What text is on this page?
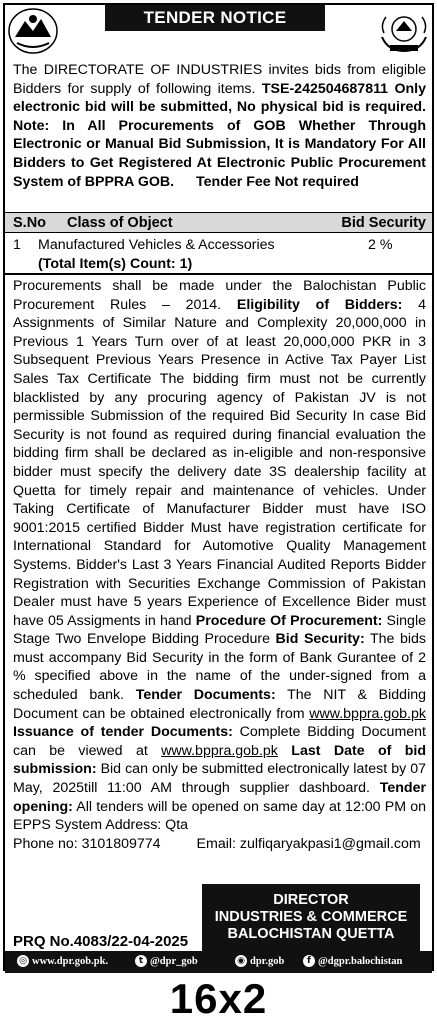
TENDER NOTICE
The DIRECTORATE OF INDUSTRIES invites bids from eligible Bidders for supply of following items. TSE-242504687811 Only electronic bid will be submitted, No physical bid is required. Note: In All Procurements of GOB Whether Through Electronic or Manual Bid Submission, It is Mandatory For All Bidders to Get Registered At Electronic Public Procurement System of BPPRA GOB. Tender Fee Not required
S.No Class of Object	Bid Security
1 Manufactured Vehicles & Accessories	2 %
(Total Item(s) Count: 1)
Procurements shall be made under the Balochistan Public Procurement Rules – 2014. Eligibility of Bidders: 4 Assignments of Similar Nature and Complexity 20,000,000 in Previous 1 Years Turn over of at least 20,000,000 PKR in 3 Subsequent Previous Years Presence in Active Tax Payer List Sales Tax Certificate The bidding firm must not be currently blacklisted by any procuring agency of Pakistan JV is not permissible Submission of the required Bid Security In case Bid Security is not found as required during financial evaluation the bidding firm shall be declared as in-eligible and non-responsive bidder must specify the delivery date 3S dealership facility at Quetta for timely repair and maintenance of vehicles. Under Taking Certificate of Manufacturer Bidder must have ISO 9001:2015 certified Bidder Must have registration certificate for International Standard for Automotive Quality Management Systems. Bidder's Last 3 Years Financial Audited Reports Bidder Registration with Securities Exchange Commission of Pakistan Dealer must have 5 years Experience of Excellence Bider must have 05 Assigments in hand Procedure Of Procurement: Single Stage Two Envelope Bidding Procedure Bid Security: The bids must accompany Bid Security in the form of Bank Gurantee of 2 % specified above in the name of the under-signed from a scheduled bank. Tender Documents: The NIT & Bidding Document can be obtained electronically from www.bppra.gob.pk Issuance of tender Documents: Complete Bidding Document can be viewed at www.bppra.gob.pk Last Date of bid submission: Bid can only be submitted electronically latest by 07 May, 2025till 11:00 AM through supplier dashboard. Tender opening: All tenders will be opened on same day at 12:00 PM on EPPS System Address: Qta
Phone no: 3101809774	Email: zulfiqaryakpasi1@gmail.com
PRQ No.4083/22-04-2025
DIRECTOR
INDUSTRIES & COMMERCE
BALOCHISTAN QUETTA
◎ www.dpr.gob.pk.	t @dpr_gob	◉ dpr.gob	f @dgpr.balochistan
16x2
